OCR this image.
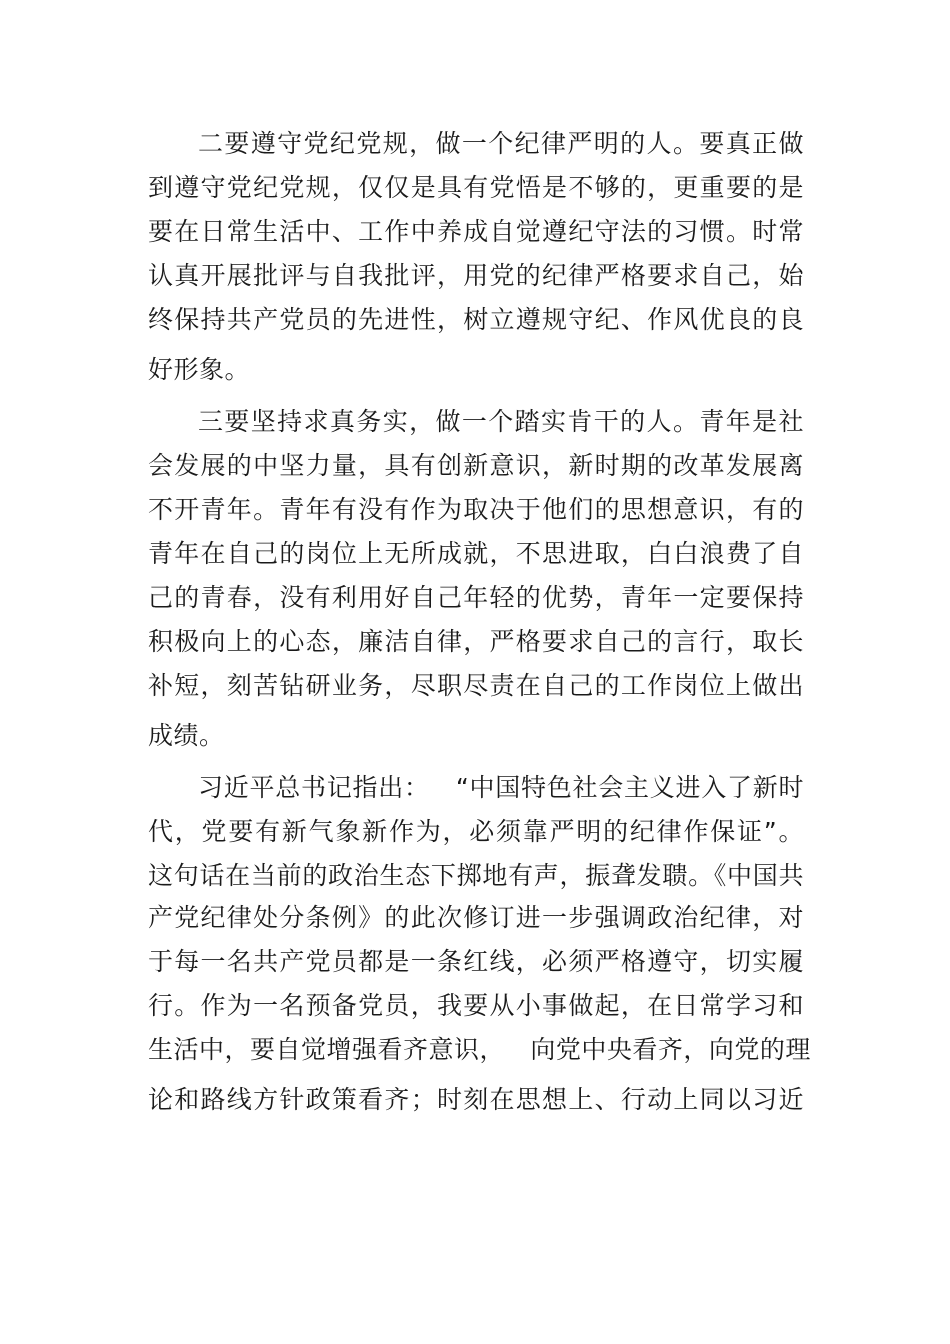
二要遵守党纪党规，做一个纪律严明的人。要真正做
到遵守党纪党规，仅仅是具有党悟是不够的，更重要的是
要在日常生活中、工作中养成自觉遵纪守法的习惯。时常
认真开展批评与自我批评，用党的纪律严格要求自己，始
终保持共产党员的先进性，树立遵规守纪、作风优良的良
好形象。
三要坚持求真务实，做一个踏实肯干的人。青年是社
会发展的中坚力量，具有创新意识，新时期的改革发展离
不开青年。青年有没有作为取决于他们的思想意识，有的
青年在自己的岗位上无所成就，不思进取，白白浪费了自
己的青春，没有利用好自己年轻的优势，青年一定要保持
积极向上的心态，廉洁自律，严格要求自己的言行，取长
补短，刻苦钻研业务，尽职尽责在自己的工作岗位上做出
成绩。
习近平总书记指出：   “中国特色社会主义进入了新时
代，党要有新气象新作为，必须靠严明的纪律作保证”。
这句话在当前的政治生态下掷地有声，振聋发聩。《中国共
产党纪律处分条例》的此次修订进一步强调政治纪律，对
于每一名共产党员都是一条红线，必须严格遵守，切实履
行。作为一名预备党员，我要从小事做起，在日常学习和
生活中，要自觉增强看齐意识，   向党中央看齐，向党的理
论和路线方针政策看齐；时刻在思想上、行动上同以习近
